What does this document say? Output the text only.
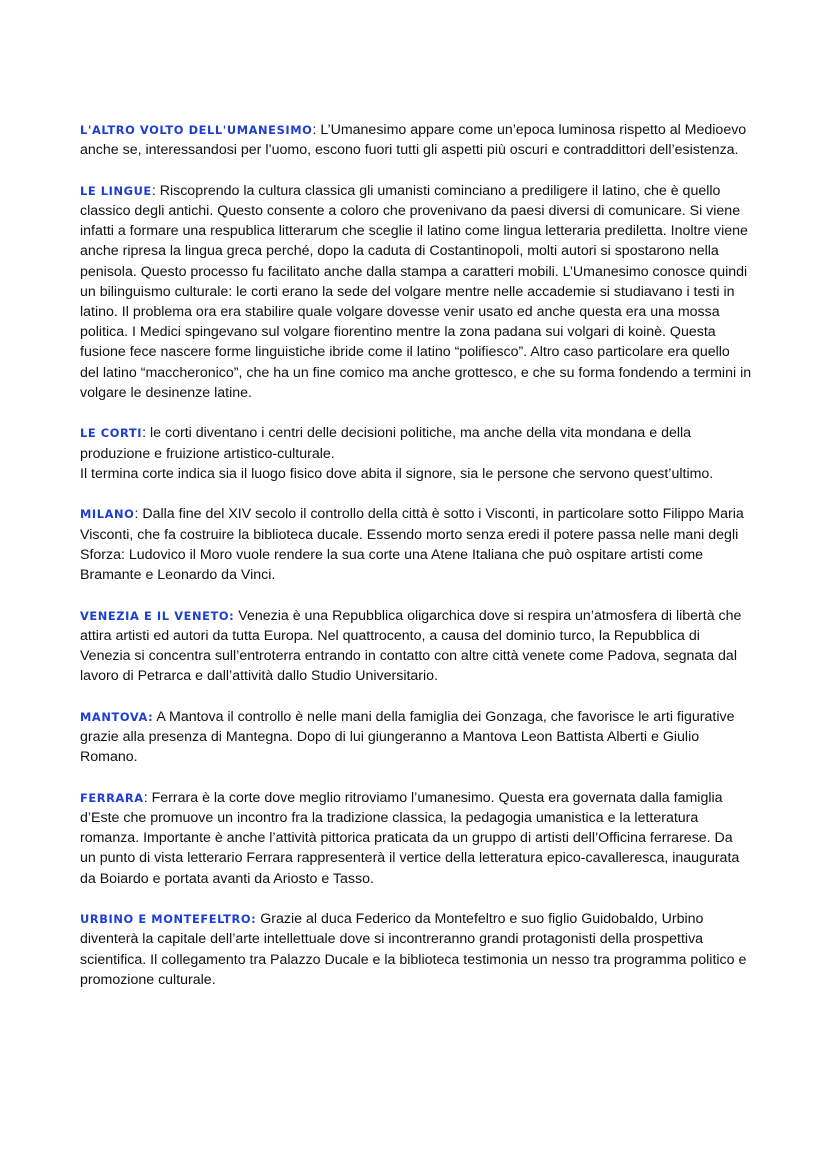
L'ALTRO VOLTO DELL'UMANESIMO: L’Umanesimo appare come un’epoca luminosa rispetto al Medioevo anche se, interessandosi per l’uomo, escono fuori tutti gli aspetti più oscuri e contraddittori dell’esistenza.

LE LINGUE: Riscoprendo la cultura classica gli umanisti cominciano a prediligere il latino, che è quello classico degli antichi. Questo consente a coloro che provenivano da paesi diversi di comunicare. Si viene infatti a formare una respublica litterarum che sceglie il latino come lingua letteraria prediletta. Inoltre viene anche ripresa la lingua greca perché, dopo la caduta di Costantinopoli, molti autori si spostarono nella penisola. Questo processo fu facilitato anche dalla stampa a caratteri mobili. L’Umanesimo conosce quindi un bilinguismo culturale: le corti erano la sede del volgare mentre nelle accademie si studiavano i testi in latino. Il problema ora era stabilire quale volgare dovesse venir usato ed anche questa era una mossa politica. I Medici spingevano sul volgare fiorentino mentre la zona padana sui volgari di koinè. Questa fusione fece nascere forme linguistiche ibride come il latino “polifiesco”. Altro caso particolare era quello del latino “maccheronico”, che ha un fine comico ma anche grottesco, e che su forma fondendo a termini in volgare le desinenze latine.

LE CORTI: le corti diventano i centri delle decisioni politiche, ma anche della vita mondana e della produzione e fruizione artistico-culturale.
Il termina corte indica sia il luogo fisico dove abita il signore, sia le persone che servono quest’ultimo.

MILANO: Dalla fine del XIV secolo il controllo della città è sotto i Visconti, in particolare sotto Filippo Maria Visconti, che fa costruire la biblioteca ducale. Essendo morto senza eredi il potere passa nelle mani degli Sforza: Ludovico il Moro vuole rendere la sua corte una Atene Italiana che può ospitare artisti come Bramante e Leonardo da Vinci.

VENEZIA E IL VENETO: Venezia è una Repubblica oligarchica dove si respira un’atmosfera di libertà che attira artisti ed autori da tutta Europa. Nel quattrocento, a causa del dominio turco, la Repubblica di Venezia si concentra sull’entroterra entrando in contatto con altre città venete come Padova, segnata dal lavoro di Petrarca e dall’attività dallo Studio Universitario.

MANTOVA: A Mantova il controllo è nelle mani della famiglia dei Gonzaga, che favorisce le arti figurative grazie alla presenza di Mantegna. Dopo di lui giungeranno a Mantova Leon Battista Alberti e Giulio Romano.

FERRARA: Ferrara è la corte dove meglio ritroviamo l’umanesimo. Questa era governata dalla famiglia d’Este che promuove un incontro fra la tradizione classica, la pedagogia umanistica e la letteratura romanza. Importante è anche l’attività pittorica praticata da un gruppo di artisti dell’Officina ferrarese. Da un punto di vista letterario Ferrara rappresenterà il vertice della letteratura epico-cavalleresca, inaugurata da Boiardo e portata avanti da Ariosto e Tasso.

URBINO E MONTEFELTRO: Grazie al duca Federico da Montefeltro e suo figlio Guidobaldo, Urbino diventerà la capitale dell’arte intellettuale dove si incontreranno grandi protagonisti della prospettiva scientifica. Il collegamento tra Palazzo Ducale e la biblioteca testimonia un nesso tra programma politico e promozione culturale.
